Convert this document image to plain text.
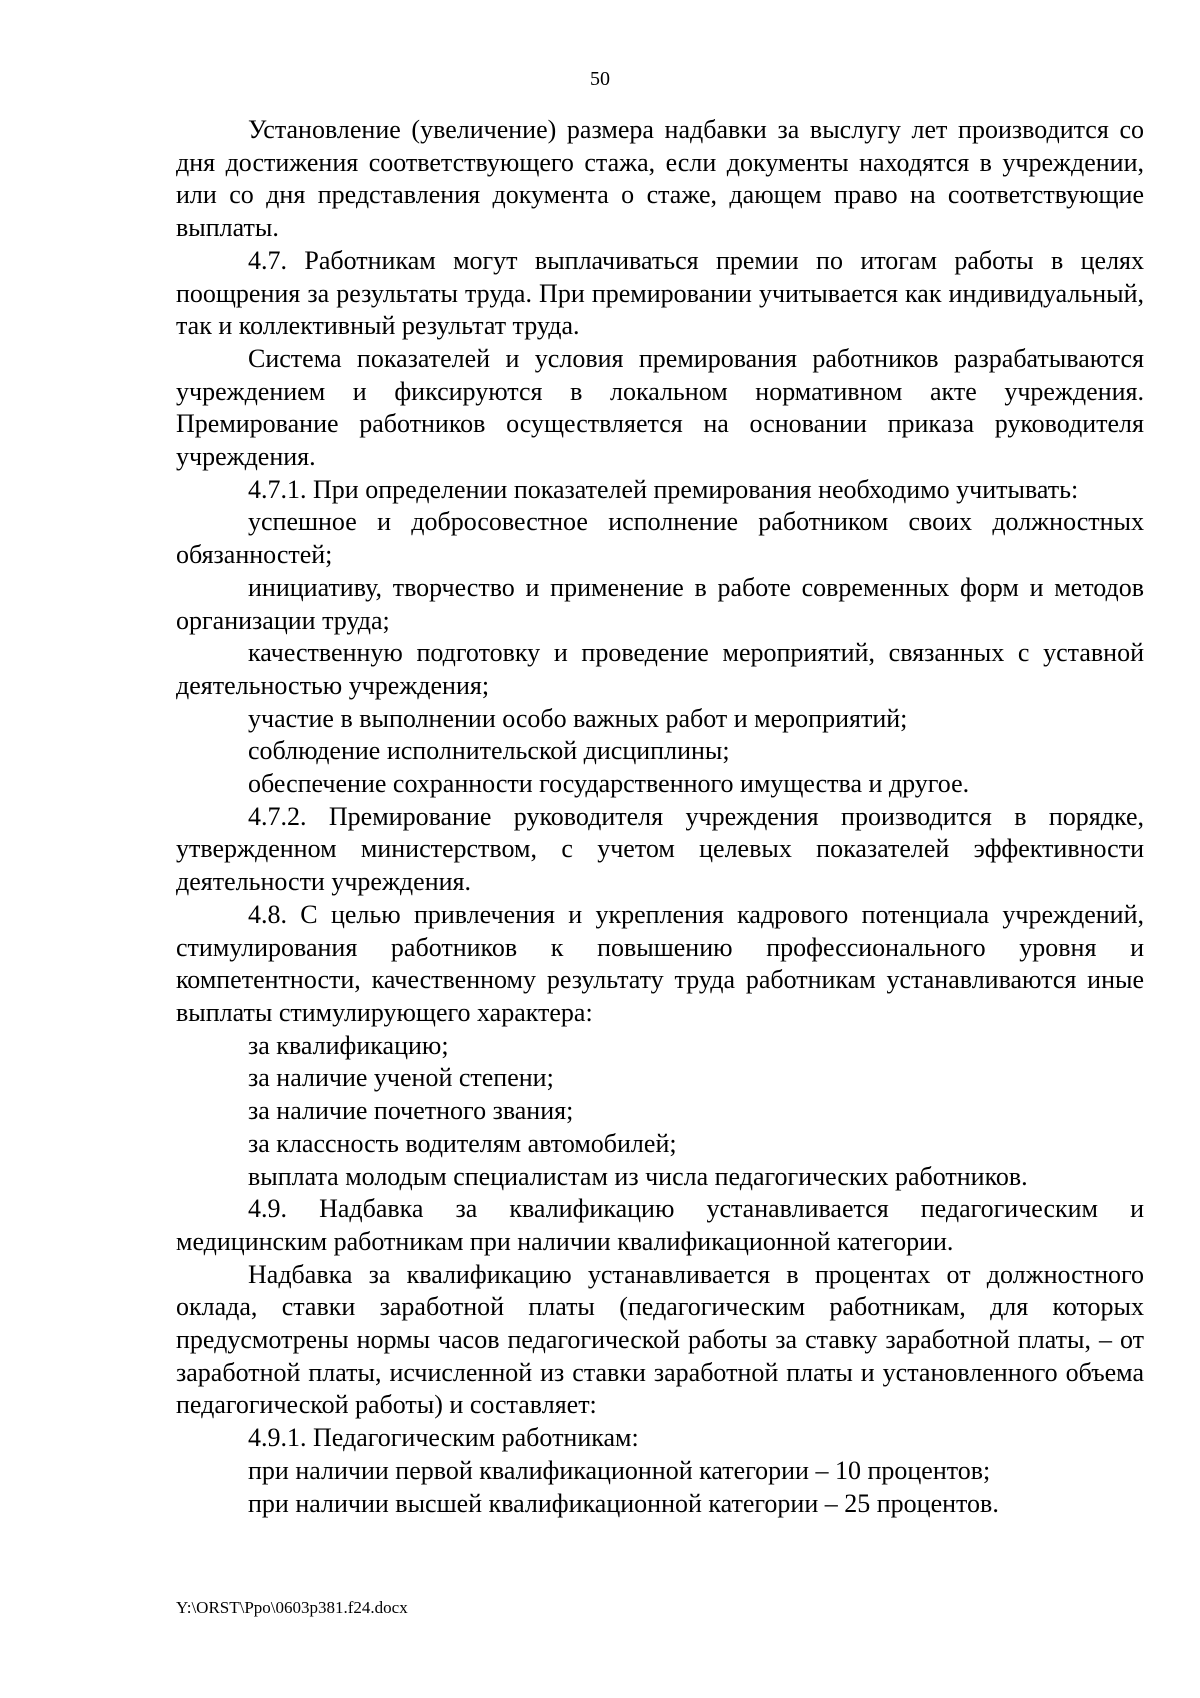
50

Установление (увеличение) размера надбавки за выслугу лет производится со дня достижения соответствующего стажа, если документы находятся в учреждении, или со дня представления документа о стаже, дающем право на соответствующие выплаты.

4.7. Работникам могут выплачиваться премии по итогам работы в целях поощрения за результаты труда. При премировании учитывается как индивидуальный, так и коллективный результат труда.

Система показателей и условия премирования работников разрабатываются учреждением и фиксируются в локальном нормативном акте учреждения. Премирование работников осуществляется на основании приказа руководителя учреждения.

4.7.1. При определении показателей премирования необходимо учитывать:

успешное и добросовестное исполнение работником своих должностных обязанностей;

инициативу, творчество и применение в работе современных форм и методов организации труда;

качественную подготовку и проведение мероприятий, связанных с уставной деятельностью учреждения;

участие в выполнении особо важных работ и мероприятий;

соблюдение исполнительской дисциплины;

обеспечение сохранности государственного имущества и другое.

4.7.2. Премирование руководителя учреждения производится в порядке, утвержденном министерством, с учетом целевых показателей эффективности деятельности учреждения.

4.8. С целью привлечения и укрепления кадрового потенциала учреждений, стимулирования работников к повышению профессионального уровня и компетентности, качественному результату труда работникам устанавливаются иные выплаты стимулирующего характера:

за квалификацию;

за наличие ученой степени;

за наличие почетного звания;

за классность водителям автомобилей;

выплата молодым специалистам из числа педагогических работников.

4.9. Надбавка за квалификацию устанавливается педагогическим и медицинским работникам при наличии квалификационной категории.

Надбавка за квалификацию устанавливается в процентах от должностного оклада, ставки заработной платы (педагогическим работникам, для которых предусмотрены нормы часов педагогической работы за ставку заработной платы, – от заработной платы, исчисленной из ставки заработной платы и установленного объема педагогической работы) и составляет:

4.9.1. Педагогическим работникам:

при наличии первой квалификационной категории – 10 процентов;

при наличии высшей квалификационной категории – 25 процентов.

Y:\ORST\Ppo\0603p381.f24.docx
